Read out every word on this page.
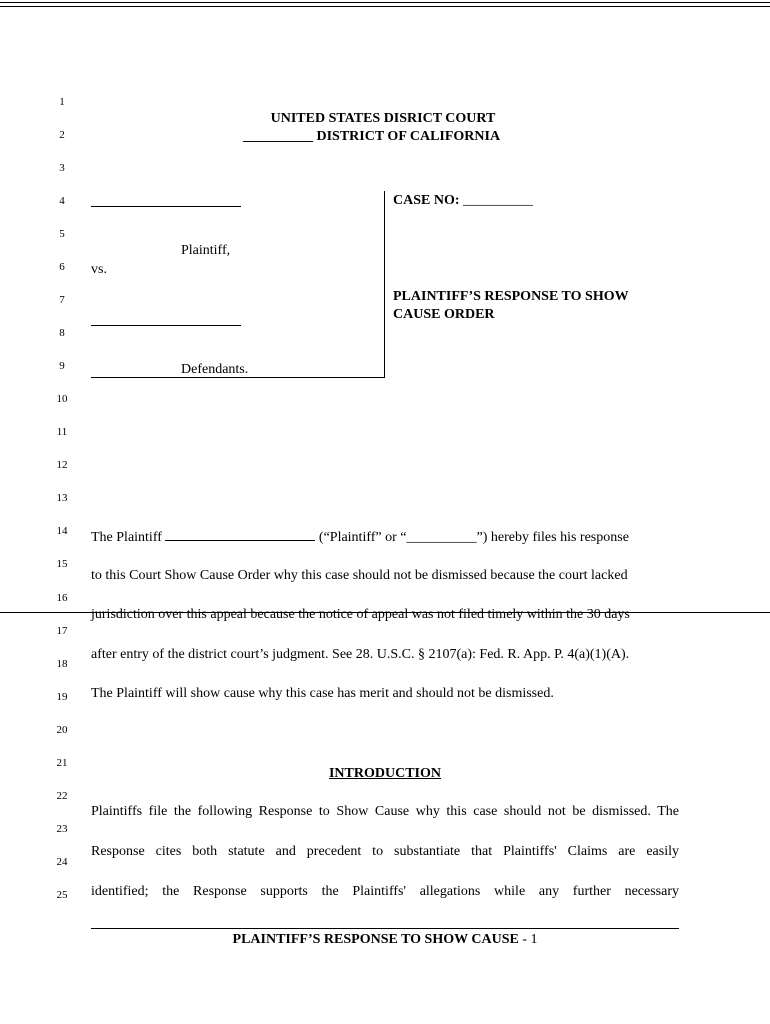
1
2
3
4
5
6
7
8
9
10
11
12
13
14
15
16
17
18
19
20
21
22
23
24
25
UNITED STATES DISRICT COURT
__________ DISTRICT OF CALIFORNIA
Plaintiff,
vs.
Defendants.
CASE NO: __________
PLAINTIFF’S RESPONSE TO SHOW
CAUSE ORDER
The Plaintiff	(“Plaintiff” or “__________”) hereby files his response
to this Court Show Cause Order why this case should not be dismissed because the court lacked
jurisdiction over this appeal because the notice of appeal was not filed timely within the 30 days
after entry of the district court’s judgment. See 28. U.S.C. § 2107(a): Fed. R. App. P. 4(a)(1)(A).
The Plaintiff will show cause why this case has merit and should not be dismissed.
INTRODUCTION
Plaintiffs file the following Response to Show Cause why this case should not be dismissed. The
Response cites both statute and precedent to substantiate that Plaintiffs' Claims are easily
identified; the Response supports the Plaintiffs' allegations while any further necessary
PLAINTIFF’S RESPONSE TO SHOW CAUSE - 1
